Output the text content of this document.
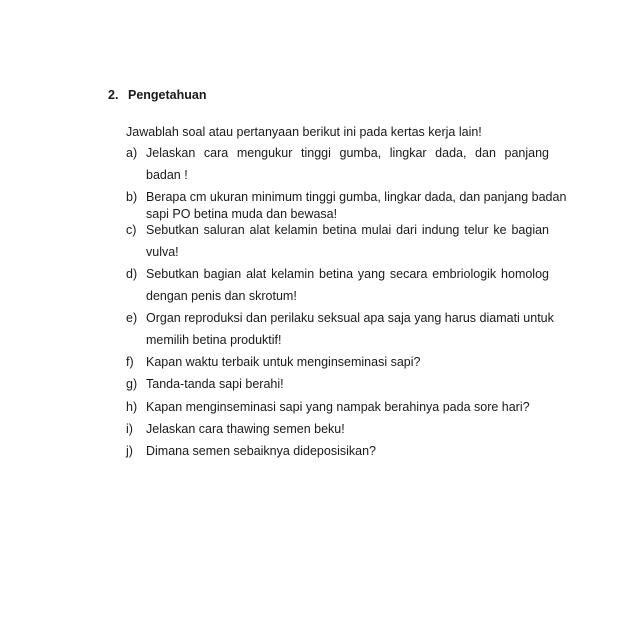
2. Pengetahuan
Jawablah soal atau pertanyaan berikut ini pada kertas kerja lain!
a) Jelaskan cara mengukur tinggi gumba, lingkar dada, dan panjang
badan !
b) Berapa cm ukuran minimum tinggi gumba, lingkar dada, dan panjang badan
sapi PO betina muda dan bewasa!
c) Sebutkan saluran alat kelamin betina mulai dari indung telur ke bagian
vulva!
d) Sebutkan bagian alat kelamin betina yang secara embriologik homolog
dengan penis dan skrotum!
e) Organ reproduksi dan perilaku seksual apa saja yang harus diamati untuk
memilih betina produktif!
f) Kapan waktu terbaik untuk menginseminasi sapi?
g) Tanda-tanda sapi berahi!
h) Kapan menginseminasi sapi yang nampak berahinya pada sore hari?
i)	Jelaskan cara thawing semen beku!
j)	Dimana semen sebaiknya dideposisikan?
